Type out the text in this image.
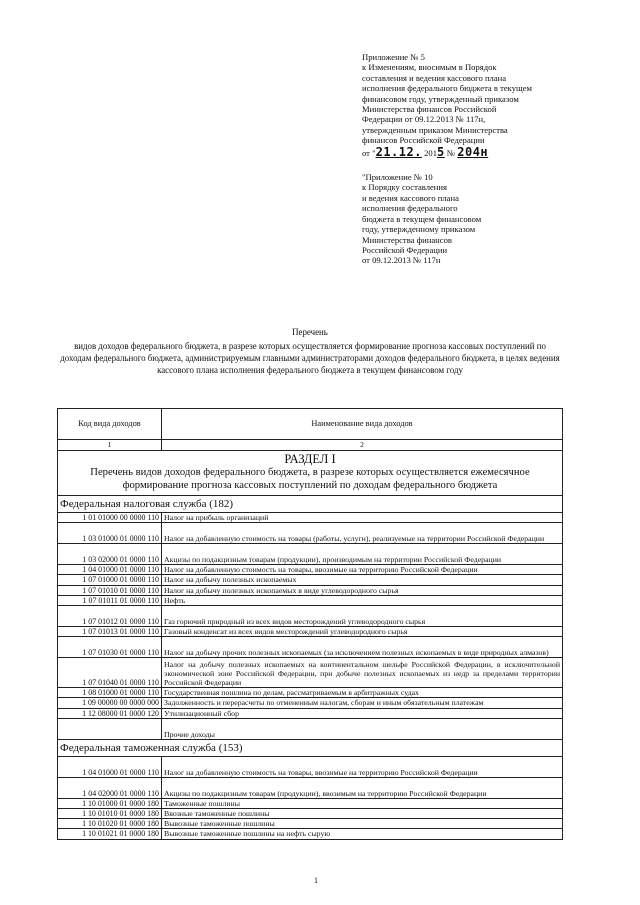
Приложение № 5

к Изменениям, вносимым в Порядок

составления и ведения кассового плана

исполнения федерального бюджета в текущем

финансовом году, утвержденный приказом

Министерства финансов Российской

Федерации от 09.12.2013 № 117н,

утвержденным приказом Министерства

финансов Российской Федерации

от "21.12. 2015 № 204н

"Приложение № 10

к Порядку составления

и ведения кассового плана

исполнения федерального

бюджета в текущем финансовом

году, утвержденному приказом

Министерства финансов

Российской Федерации

от 09.12.2013 № 117н

Перечень
видов доходов федерального бюджета, в разрезе которых осуществляется формирование прогноза кассовых поступлений по доходам федерального бюджета, администрируемым главными администраторами доходов федерального бюджета, в целях ведения кассового плана исполнения федерального бюджета в текущем финансовом году
Код вида доходов	Наименование вида доходов
1	2

РАЗДЕЛ I
Перечень видов доходов федерального бюджета, в разрезе которых осуществляется ежемесячное формирование прогноза кассовых поступлений по доходам федерального бюджета	

Федеральная налоговая служба (182)	
1 01 01000 00 0000 110	Налог на прибыль организаций
1 03 01000 01 0000 110	Налог на добавленную стоимость на товары (работы, услуги), реализуемые на территории Российской Федерации
1 03 02000 01 0000 110	Акцизы по подакцизным товарам (продукции), производимым на территории Российской Федерации
1 04 01000 01 0000 110	Налог на добавленную стоимость на товары, ввозимые на территорию Российской Федерации
1 07 01000 01 0000 110	Налог на добычу полезных ископаемых
1 07 01010 01 0000 110	Налог на добычу полезных ископаемых в виде углеводородного сырья
1 07 01011 01 0000 110	Нефть
1 07 01012 01 0000 110	Газ горючий природный из всех видов месторождений углеводородного сырья
1 07 01013 01 0000 110	Газовый конденсат из всех видов месторождений углеводородного сырья
1 07 01030 01 0000 110	Налог на добычу прочих полезных ископаемых (за исключением полезных ископаемых в виде природных алмазов)
1 07 01040 01 0000 110	Налог на добычу полезных ископаемых на континентальном шельфе Российской Федерации, в исключительной экономической зоне Российской Федерации, при добыче полезных ископаемых из недр за пределами территории Российской Федерации
1 08 01000 01 0000 110	Государственная пошлина по делам, рассматриваемым в арбитражных судах
1 09 00000 00 0000 000	Задолженность и перерасчеты по отмененным налогам, сборам и иным обязательным платежам
1 12 08000 01 0000 120	Утилизационный сбор
	Прочие доходы
Федеральная таможенная служба (153)	
1 04 01000 01 0000 110	Налог на добавленную стоимость на товары, ввозимые на территорию Российской Федерации
1 04 02000 01 0000 110	Акцизы по подакцизным товарам (продукции), ввозимым на территорию Российской Федерации
1 10 01000 01 0000 180	Таможенные пошлины
1 10 01010 01 0000 180	Ввозные таможенные пошлины
1 10 01020 01 0000 180	Вывозные таможенные пошлины
1 10 01021 01 0000 180	Вывозные таможенные пошлины на нефть сырую
1
